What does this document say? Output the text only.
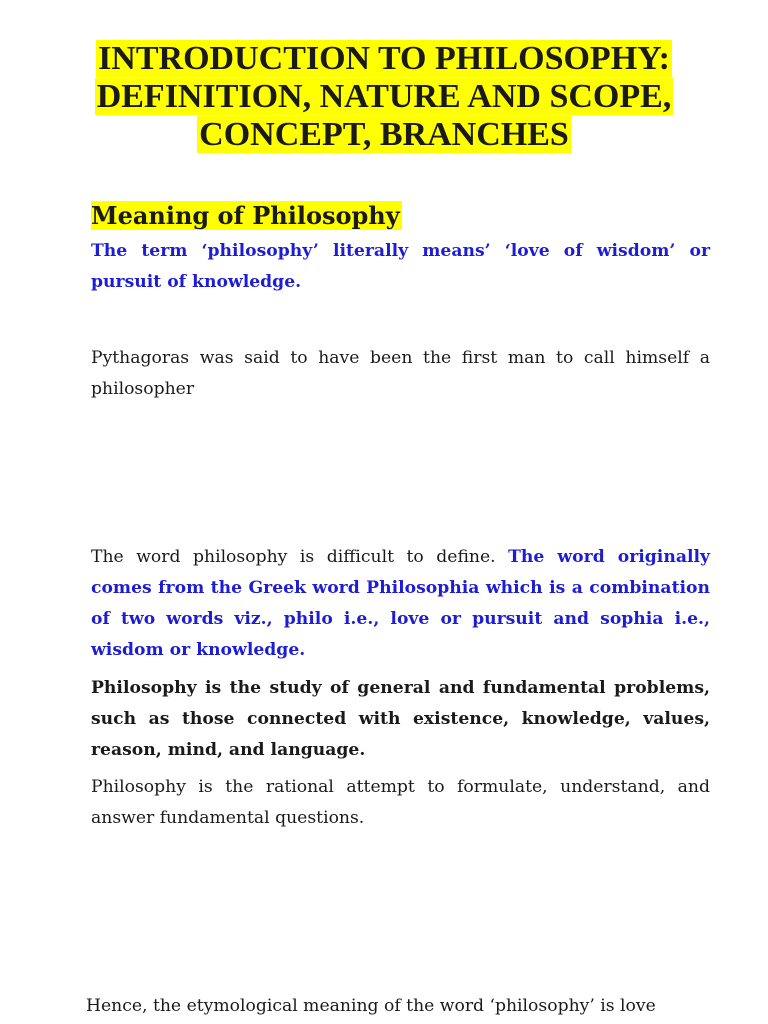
INTRODUCTION TO PHILOSOPHY:
DEFINITION, NATURE AND SCOPE,
CONCEPT, BRANCHES
Meaning of Philosophy

The term ‘philosophy’ literally means’ ‘love of wisdom’ or pursuit of knowledge.

Pythagoras was said to have been the first man to call himself a philosopher

The word philosophy is difficult to define. The word originally comes from the Greek word Philosophia which is a combination of two words viz., philo i.e., love or pursuit and sophia i.e., wisdom or knowledge.

Philosophy is the study of general and fundamental problems, such as those connected with existence, knowledge, values, reason, mind, and language.

Philosophy is the rational attempt to formulate, understand, and answer fundamental questions.

Hence, the etymological meaning of the word ‘philosophy’ is love
